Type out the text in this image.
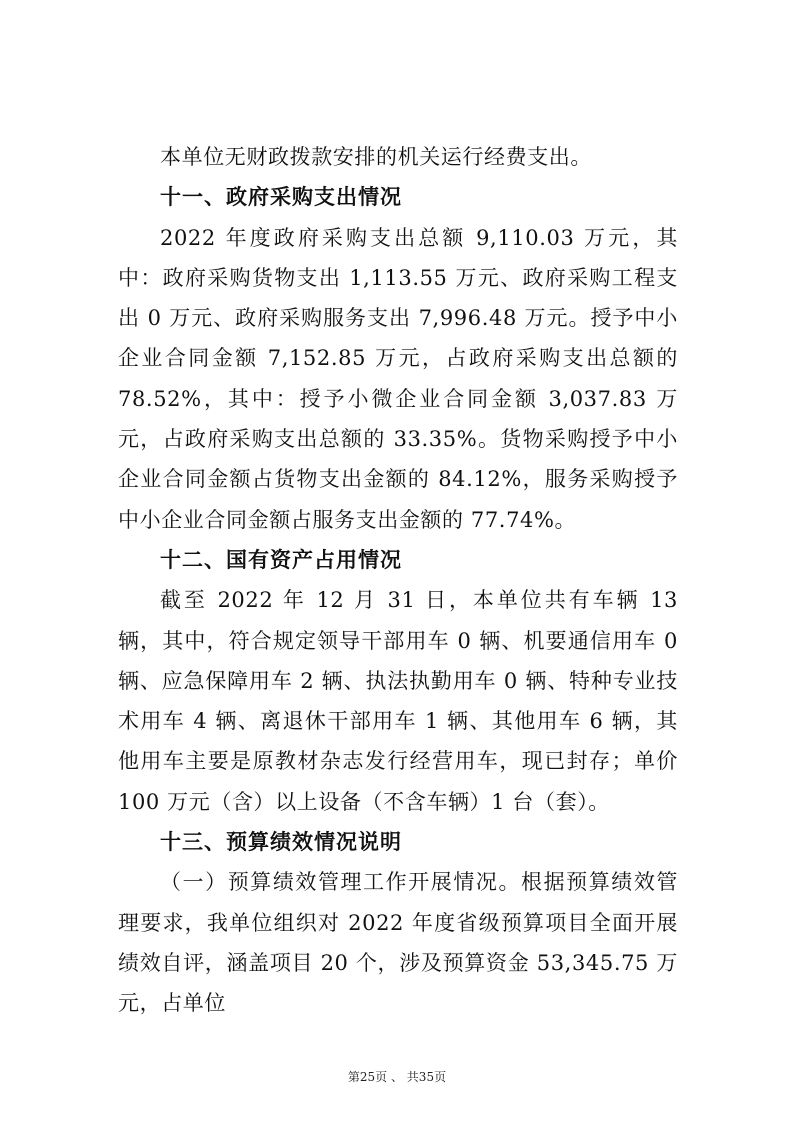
本单位无财政拨款安排的机关运行经费支出。

十一、政府采购支出情况

2022 年度政府采购支出总额 9,110.03 万元，其中：政府采购货物支出 1,113.55 万元、政府采购工程支出 0 万元、政府采购服务支出 7,996.48 万元。授予中小企业合同金额 7,152.85 万元，占政府采购支出总额的 78.52%，其中：授予小微企业合同金额 3,037.83 万元，占政府采购支出总额的 33.35%。货物采购授予中小企业合同金额占货物支出金额的 84.12%，服务采购授予中小企业合同金额占服务支出金额的 77.74%。

十二、国有资产占用情况

截至 2022 年 12 月 31 日，本单位共有车辆 13 辆，其中，符合规定领导干部用车 0 辆、机要通信用车 0 辆、应急保障用车 2 辆、执法执勤用车 0 辆、特种专业技术用车 4 辆、离退休干部用车 1 辆、其他用车 6 辆，其他用车主要是原教材杂志发行经营用车，现已封存；单价 100 万元（含）以上设备（不含车辆）1 台（套）。

十三、预算绩效情况说明

（一）预算绩效管理工作开展情况。根据预算绩效管理要求，我单位组织对 2022 年度省级预算项目全面开展绩效自评，涵盖项目 20 个，涉及预算资金 53,345.75 万元，占单位

第25页 、 共35页
